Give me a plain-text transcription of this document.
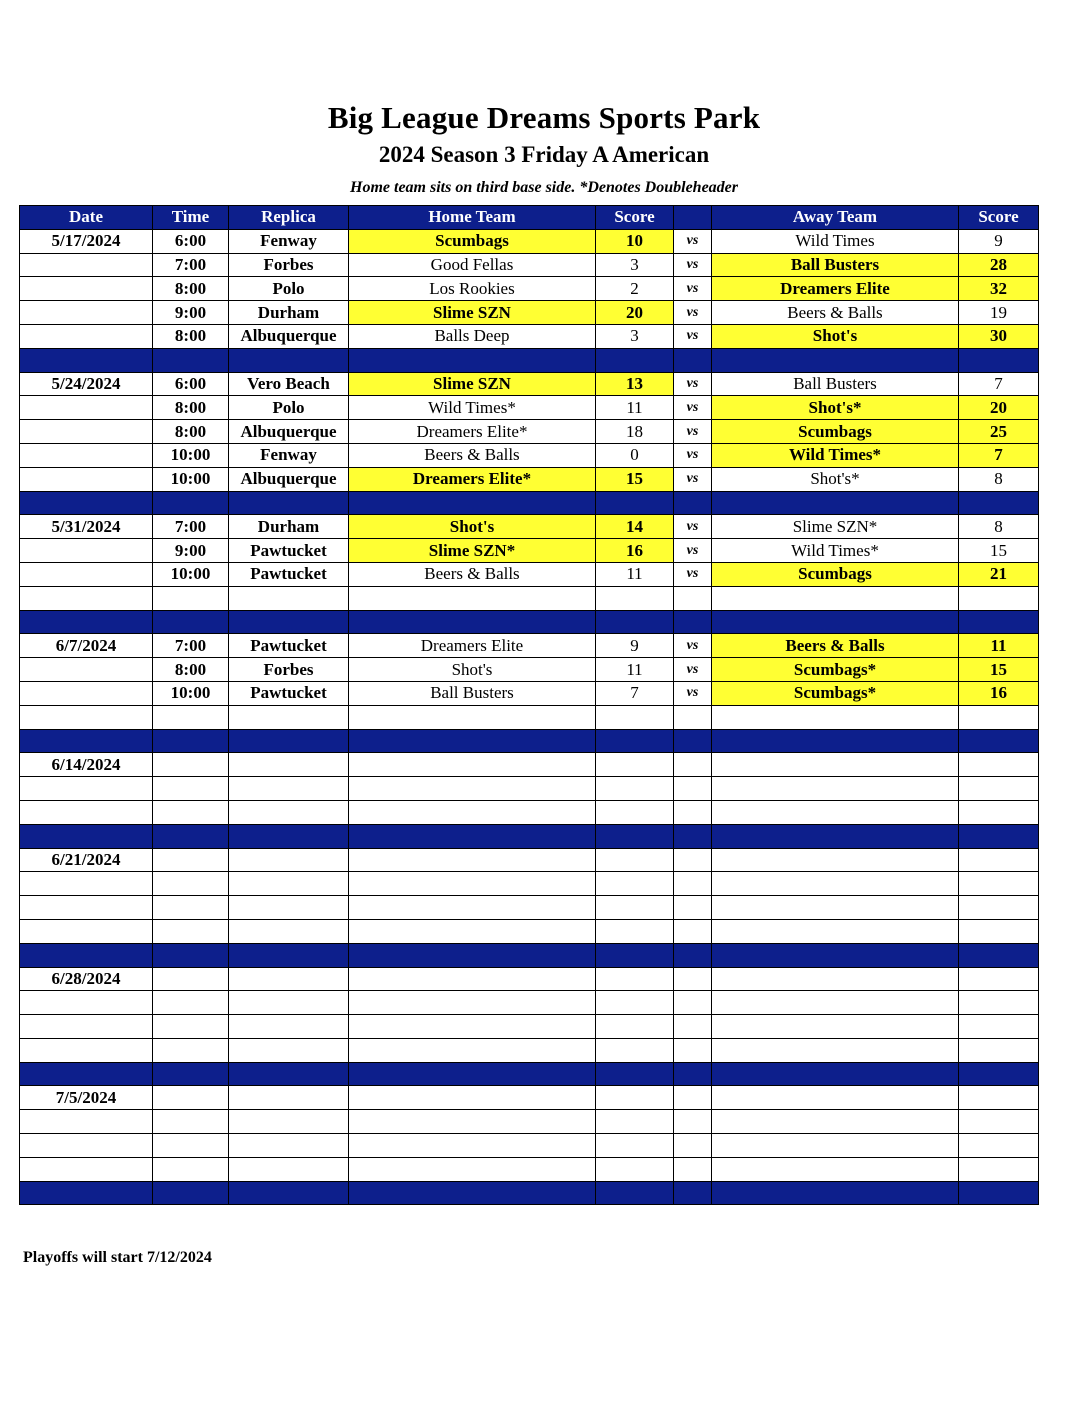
Big League Dreams Sports Park
2024 Season 3 Friday A American
Home team sits on third base side. *Denotes Doubleheader
Date	Time	Replica	Home Team	Score		Away Team	Score
5/17/2024	6:00	Fenway	Scumbags	10	vs	Wild Times	9
	7:00	Forbes	Good Fellas	3	vs	Ball Busters	28
	8:00	Polo	Los Rookies	2	vs	Dreamers Elite	32
	9:00	Durham	Slime SZN	20	vs	Beers & Balls	19
	8:00	Albuquerque	Balls Deep	3	vs	Shot's	30

5/24/2024	6:00	Vero Beach	Slime SZN	13	vs	Ball Busters	7
	8:00	Polo	Wild Times*	11	vs	Shot's*	20
	8:00	Albuquerque	Dreamers Elite*	18	vs	Scumbags	25
	10:00	Fenway	Beers & Balls	0	vs	Wild Times*	7
	10:00	Albuquerque	Dreamers Elite*	15	vs	Shot's*	8

5/31/2024	7:00	Durham	Shot's	14	vs	Slime SZN*	8
	9:00	Pawtucket	Slime SZN*	16	vs	Wild Times*	15
	10:00	Pawtucket	Beers & Balls	11	vs	Scumbags	21

6/7/2024	7:00	Pawtucket	Dreamers Elite	9	vs	Beers & Balls	11
	8:00	Forbes	Shot's	11	vs	Scumbags*	15
	10:00	Pawtucket	Ball Busters	7	vs	Scumbags*	16

6/14/2024							

6/21/2024							

6/28/2024							

7/5/2024							

Playoffs will start 7/12/2024
